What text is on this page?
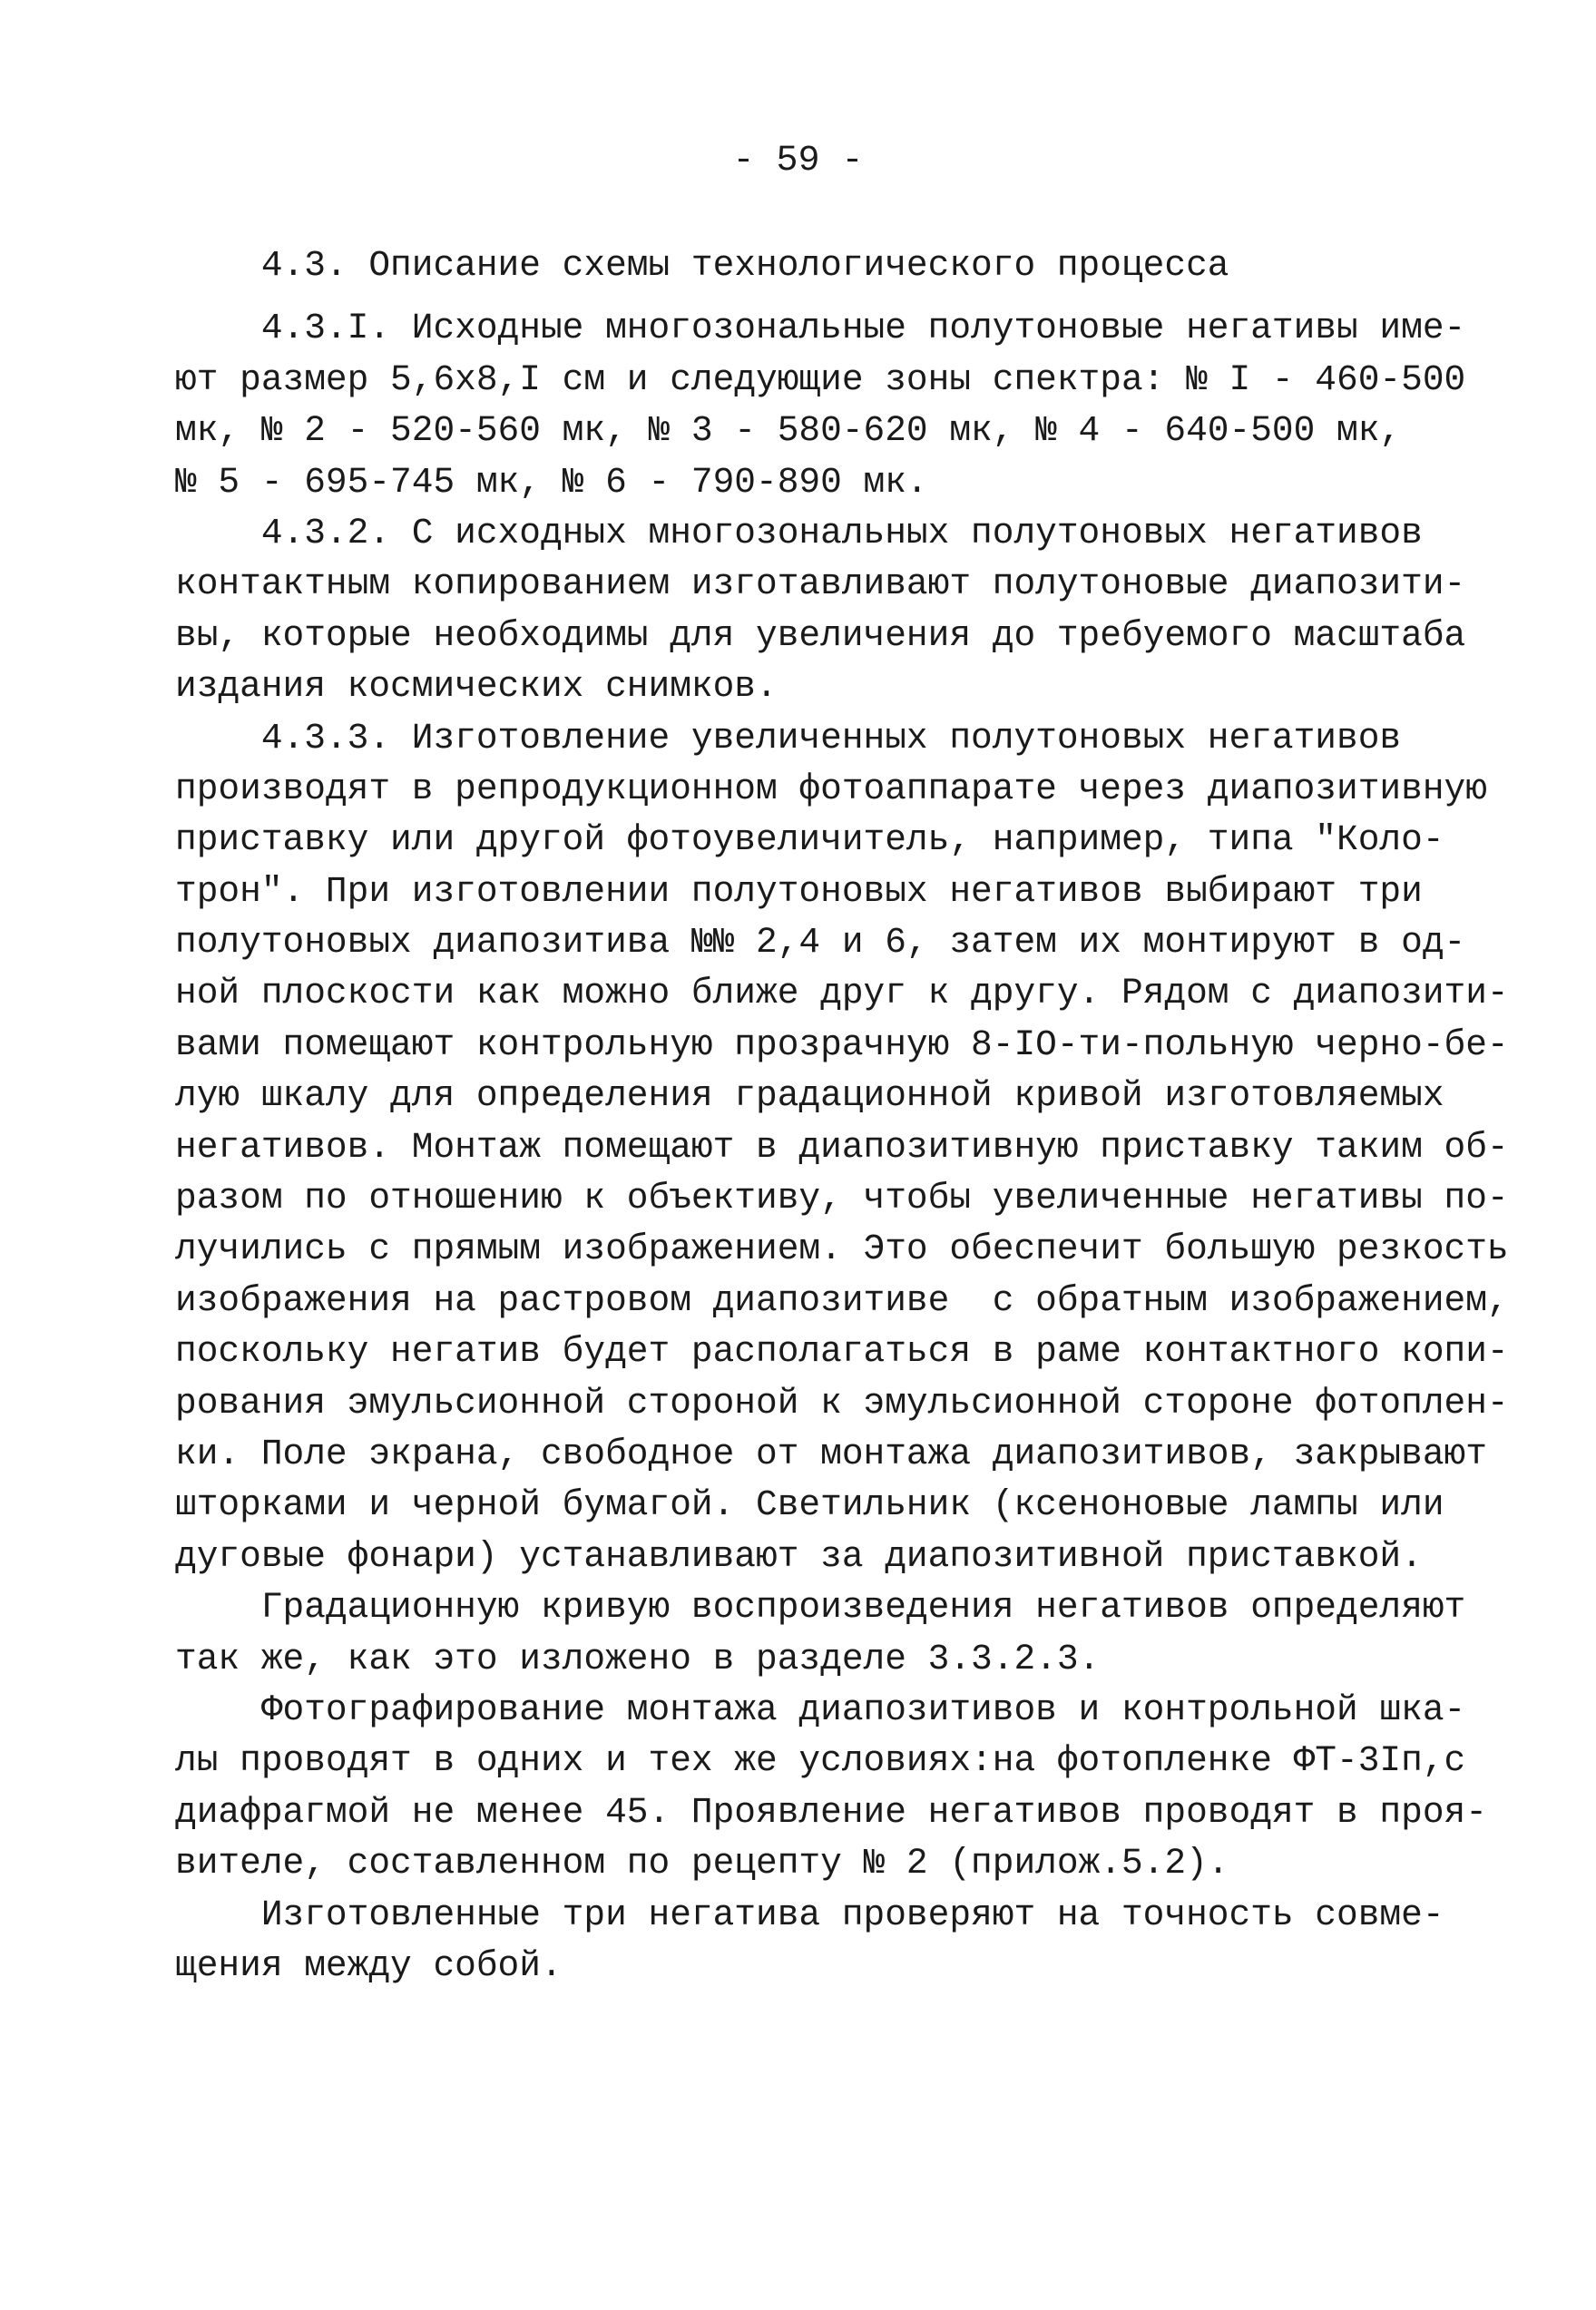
- 59 -
4.3. Описание схемы технологического процесса
4.3.I. Исходные многозональные полутоновые негативы име-
ют размер 5,6x8,I см и следующие зоны спектра: № I - 460-500
мк, № 2 - 520-560 мк, № 3 - 580-620 мк, № 4 - 640-500 мк,
№ 5 - 695-745 мк, № 6 - 790-890 мк.
4.3.2. С исходных многозональных полутоновых негативов
контактным копированием изготавливают полутоновые диапозити-
вы, которые необходимы для увеличения до требуемого масштаба
издания космических снимков.
4.3.3. Изготовление увеличенных полутоновых негативов
производят в репродукционном фотоаппарате через диапозитивную
приставку или другой фотоувеличитель, например, типа "Коло-
трон". При изготовлении полутоновых негативов выбирают три
полутоновых диапозитива №№ 2,4 и 6, затем их монтируют в од-
ной плоскости как можно ближе друг к другу. Рядом с диапозити-
вами помещают контрольную прозрачную 8-IO-ти-польную черно-бе-
лую шкалу для определения градационной кривой изготовляемых
негативов. Монтаж помещают в диапозитивную приставку таким об-
разом по отношению к объективу, чтобы увеличенные негативы по-
лучились с прямым изображением. Это обеспечит большую резкость
изображения на растровом диапозитиве  с обратным изображением,
поскольку негатив будет располагаться в раме контактного копи-
рования эмульсионной стороной к эмульсионной стороне фотоплен-
ки. Поле экрана, свободное от монтажа диапозитивов, закрывают
шторками и черной бумагой. Светильник (ксеноновые лампы или
дуговые фонари) устанавливают за диапозитивной приставкой.
Градационную кривую воспроизведения негативов определяют
так же, как это изложено в разделе 3.3.2.3.
Фотографирование монтажа диапозитивов и контрольной шка-
лы проводят в одних и тех же условиях:на фотопленке ФТ-3Iп,с
диафрагмой не менее 45. Проявление негативов проводят в проя-
вителе, составленном по рецепту № 2 (прилож.5.2).
Изготовленные три негатива проверяют на точность совме-
щения между собой.
